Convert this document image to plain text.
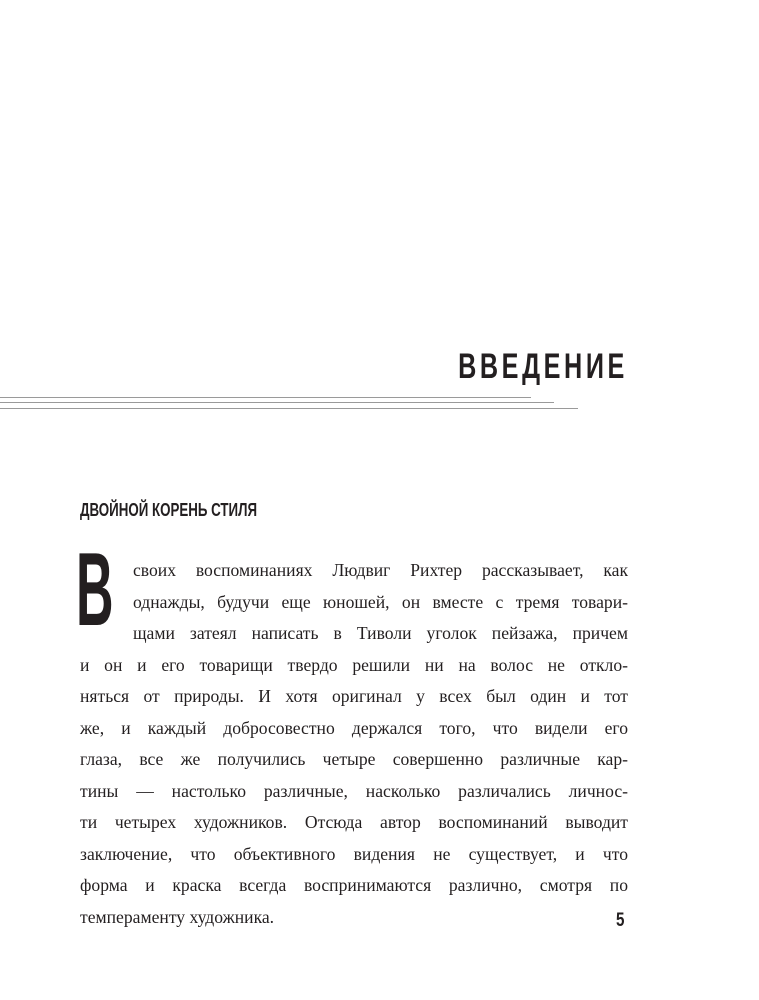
ВВЕДЕНИЕ
ДВОЙНОЙ КОРЕНЬ СТИЛЯ
В своих воспоминаниях Людвиг Рихтер рассказывает, как
однажды, будучи еще юношей, он вместе с тремя товари-
щами затеял написать в Тиволи уголок пейзажа, причем
и он и его товарищи твердо решили ни на волос не откло-
няться от природы. И хотя оригинал у всех был один и тот
же, и каждый добросовестно держался того, что видели его
глаза, все же получились четыре совершенно различные кар-
тины — настолько различные, насколько различались личнос-
ти четырех художников. Отсюда автор воспоминаний выводит
заключение, что объективного видения не существует, и что
форма и краска всегда воспринимаются различно, смотря по
темпераменту художника.	5
